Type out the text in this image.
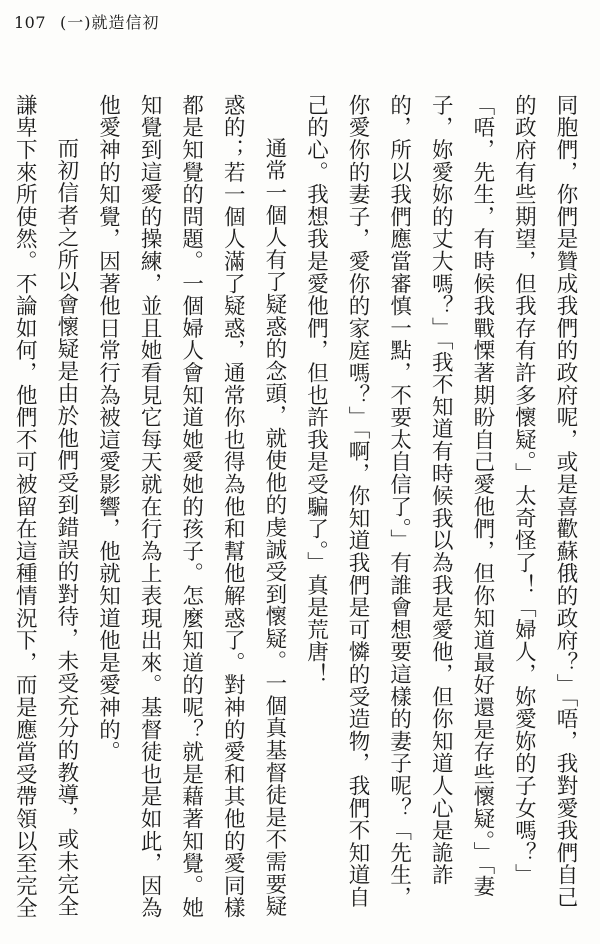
107 (一)就造信初

同胞們，你們是贊成我們的政府呢，或是喜歡蘇俄的政府？」「唔，我對愛我們自己的政府有些期望，但我存有許多懷疑。」太奇怪了！「婦人，妳愛妳的子女嗎？」「唔，先生，有時候我戰慄著期盼自己愛他們，但你知道最好還是存些懷疑。」「妻子，妳愛妳的丈大嗎？」「我不知道有時候我以為我是愛他，但你知道人心是詭詐的，所以我們應當審慎一點，不要太自信了。」有誰會想要這樣的妻子呢？「先生，你愛你的妻子，愛你的家庭嗎？」「啊，你知道我們是可憐的受造物，我們不知道自己的心。我想我是愛他們，但也許我是受騙了。」真是荒唐！

通常一個人有了疑惑的念頭，就使他的虔誠受到懷疑。一個真基督徒是不需要疑惑的；若一個人滿了疑惑，通常你也得為他和幫他解惑了。對神的愛和其他的愛同樣都是知覺的問題。一個婦人會知道她愛她的孩子。怎麼知道的呢？就是藉著知覺。她知覺到這愛的操練，並且她看見它每天就在行為上表現出來。基督徒也是如此，因為他愛神的知覺，因著他日常行為被這愛影響，他就知道他是愛神的。

而初信者之所以會懷疑是由於他們受到錯誤的對待，未受充分的教導，或未完全謙卑下來所使然。不論如何，他們不可被留在這種情況下，而是應當受帶領以至完全
